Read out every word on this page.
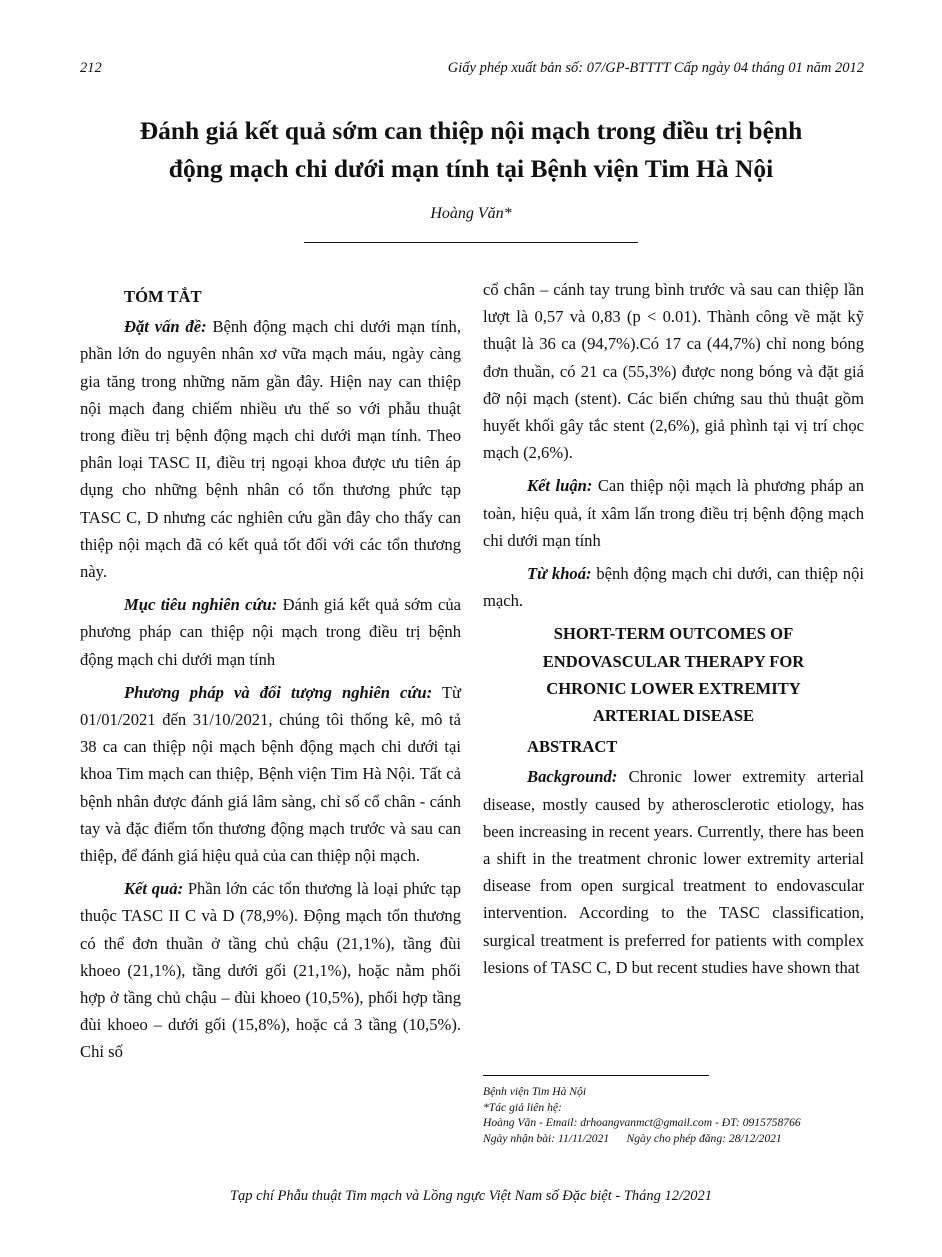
212	Giấy phép xuất bản số: 07/GP-BTTTT Cấp ngày 04 tháng 01 năm 2012
Đánh giá kết quả sớm can thiệp nội mạch trong điều trị bệnh
động mạch chi dưới mạn tính tại Bệnh viện Tim Hà Nội
Hoàng Văn*
TÓM TẮT

Đặt vấn đề: Bệnh động mạch chi dưới mạn tính, phần lớn do nguyên nhân xơ vữa mạch máu, ngày càng gia tăng trong những năm gần đây. Hiện nay can thiệp nội mạch đang chiếm nhiều ưu thế so với phẫu thuật trong điều trị bệnh động mạch chi dưới mạn tính. Theo phân loại TASC II, điều trị ngoại khoa được ưu tiên áp dụng cho những bệnh nhân có tổn thương phức tạp TASC C, D nhưng các nghiên cứu gần đây cho thấy can thiệp nội mạch đã có kết quả tốt đối với các tổn thương này.

Mục tiêu nghiên cứu: Đánh giá kết quả sớm của phương pháp can thiệp nội mạch trong điều trị bệnh động mạch chi dưới mạn tính

Phương pháp và đối tượng nghiên cứu: Từ 01/01/2021 đến 31/10/2021, chúng tôi thống kê, mô tả 38 ca can thiệp nội mạch bệnh động mạch chi dưới tại khoa Tim mạch can thiệp, Bệnh viện Tim Hà Nội. Tất cả bệnh nhân được đánh giá lâm sàng, chỉ số cổ chân - cánh tay và đặc điểm tổn thương động mạch trước và sau can thiệp, để đánh giá hiệu quả của can thiệp nội mạch.

Kết quả: Phần lớn các tổn thương là loại phức tạp thuộc TASC II C và D (78,9%). Động mạch tổn thương có thể đơn thuần ở tầng chủ chậu (21,1%), tầng đùi khoeo (21,1%), tầng dưới gối (21,1%), hoặc nằm phối hợp ở tầng chủ chậu – đùi khoeo (10,5%), phối hợp tầng đùi khoeo – dưới gối (15,8%), hoặc cả 3 tầng (10,5%). Chỉ số

cổ chân – cánh tay trung bình trước và sau can thiệp lần lượt là 0,57 và 0,83 (p < 0.01). Thành công về mặt kỹ thuật là 36 ca (94,7%).Có 17 ca (44,7%) chỉ nong bóng đơn thuần, có 21 ca (55,3%) được nong bóng và đặt giá đỡ nội mạch (stent). Các biến chứng sau thủ thuật gồm huyết khối gây tắc stent (2,6%), giả phình tại vị trí chọc mạch (2,6%).

Kết luận: Can thiệp nội mạch là phương pháp an toàn, hiệu quả, ít xâm lấn trong điều trị bệnh động mạch chi dưới mạn tính

Từ khoá: bệnh động mạch chi dưới, can thiệp nội mạch.

SHORT-TERM OUTCOMES OF
ENDOVASCULAR THERAPY FOR
CHRONIC LOWER EXTREMITY
ARTERIAL DISEASE
ABSTRACT

Background: Chronic lower extremity arterial disease, mostly caused by atherosclerotic etiology, has been increasing in recent years. Currently, there has been a shift in the treatment chronic lower extremity arterial disease from open surgical treatment to endovascular intervention. According to the TASC classification, surgical treatment is preferred for patients with complex lesions of TASC C, D but recent studies have shown that

Bệnh viện Tim Hà Nội
*Tác giả liên hệ:
Hoàng Văn - Email: drhoangvanmct@gmail.com - ĐT: 0915758766
Ngày nhận bài: 11/11/2021      Ngày cho phép đăng: 28/12/2021
Tạp chí Phẫu thuật Tim mạch và Lồng ngực Việt Nam số Đặc biệt - Tháng 12/2021
